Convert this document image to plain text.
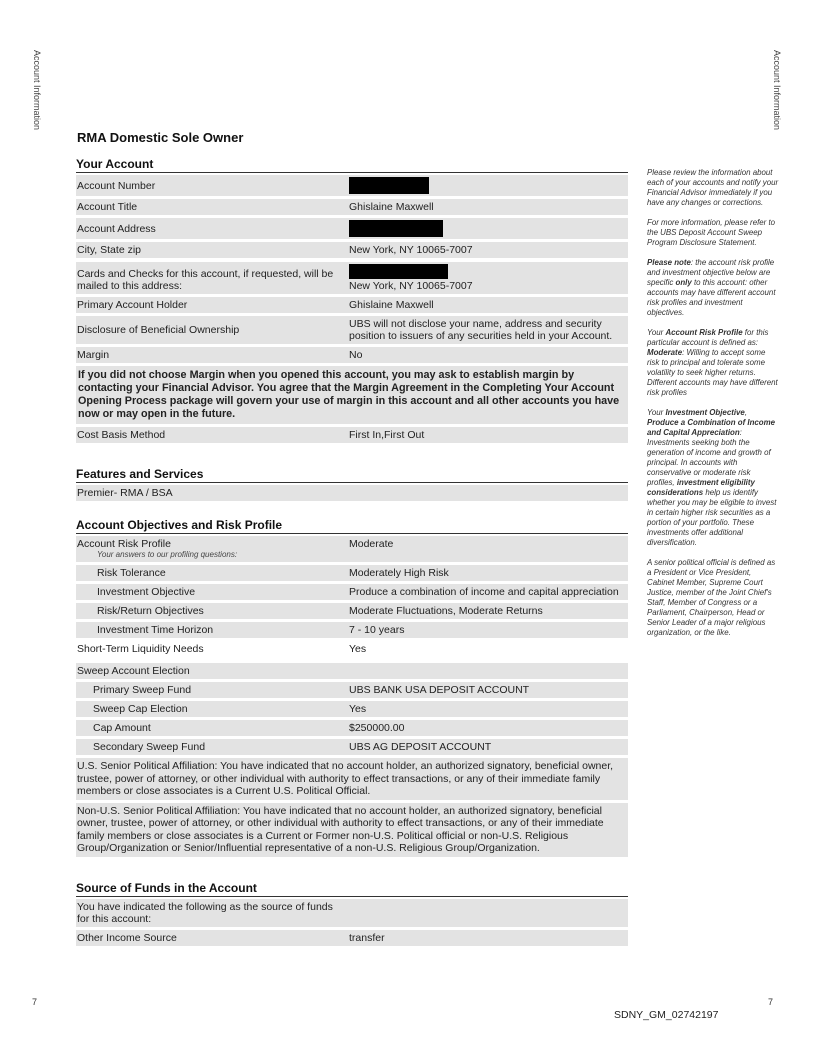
Account Information	Account Information
RMA Domestic Sole Owner
Your Account
Account Number
Account Title	Ghislaine Maxwell
Account Address
City, State zip	New York, NY 10065-7007
Cards and Checks for this account, if requested, will be mailed to this address:	New York, NY 10065-7007
Primary Account Holder	Ghislaine Maxwell
Disclosure of Beneficial Ownership	UBS will not disclose your name, address and security position to issuers of any securities held in your Account.
Margin	No
If you did not choose Margin when you opened this account, you may ask to establish margin by contacting your Financial Advisor. You agree that the Margin Agreement in the Completing Your Account Opening Process package will govern your use of margin in this account and all other accounts you have now or may open in the future.
Cost Basis Method	First In,First Out
Features and Services
Premier- RMA / BSA
Account Objectives and Risk Profile
Account Risk Profile	Moderate
Your answers to our profiling questions:
Risk Tolerance	Moderately High Risk
Investment Objective	Produce a combination of income and capital appreciation
Risk/Return Objectives	Moderate Fluctuations, Moderate Returns
Investment Time Horizon	7 - 10 years
Short-Term Liquidity Needs	Yes
Sweep Account Election
Primary Sweep Fund	UBS BANK USA DEPOSIT ACCOUNT
Sweep Cap Election	Yes
Cap Amount	$250000.00
Secondary Sweep Fund	UBS AG DEPOSIT ACCOUNT
U.S. Senior Political Affiliation: You have indicated that no account holder, an authorized signatory, beneficial owner, trustee, power of attorney, or other individual with authority to effect transactions, or any of their immediate family members or close associates is a Current U.S. Political Official.
Non-U.S. Senior Political Affiliation: You have indicated that no account holder, an authorized signatory, beneficial owner, trustee, power of attorney, or other individual with authority to effect transactions, or any of their immediate family members or close associates is a Current or Former non-U.S. Political official or non-U.S. Religious Group/Organization or Senior/Influential representative of a non-U.S. Religious Group/Organization.
Source of Funds in the Account
You have indicated the following as the source of funds for this account:
Other Income Source	transfer

Please review the information about each of your accounts and notify your Financial Advisor immediately if you have any changes or corrections.

For more information, please refer to the UBS Deposit Account Sweep Program Disclosure Statement.

Please note: the account risk profile and investment objective below are specific only to this account: other accounts may have different account risk profiles and investment objectives.

Your Account Risk Profile for this particular account is defined as:
Moderate: Willing to accept some risk to principal and tolerate some volatility to seek higher returns.
Different accounts may have different risk profiles

Your Investment Objective, Produce a Combination of Income and Capital Appreciation: Investments seeking both the generation of income and growth of principal. In accounts with conservative or moderate risk profiles, investment eligibility considerations help us identify whether you may be eligible to invest in certain higher risk securities as a portion of your portfolio. These investments offer additional diversification.

A senior political official is defined as a President or Vice President, Cabinet Member, Supreme Court Justice, member of the Joint Chief's Staff, Member of Congress or a Parliament, Chairperson, Head or Senior Leader of a major religious organization, or the like.

7	7
SDNY_GM_02742197
